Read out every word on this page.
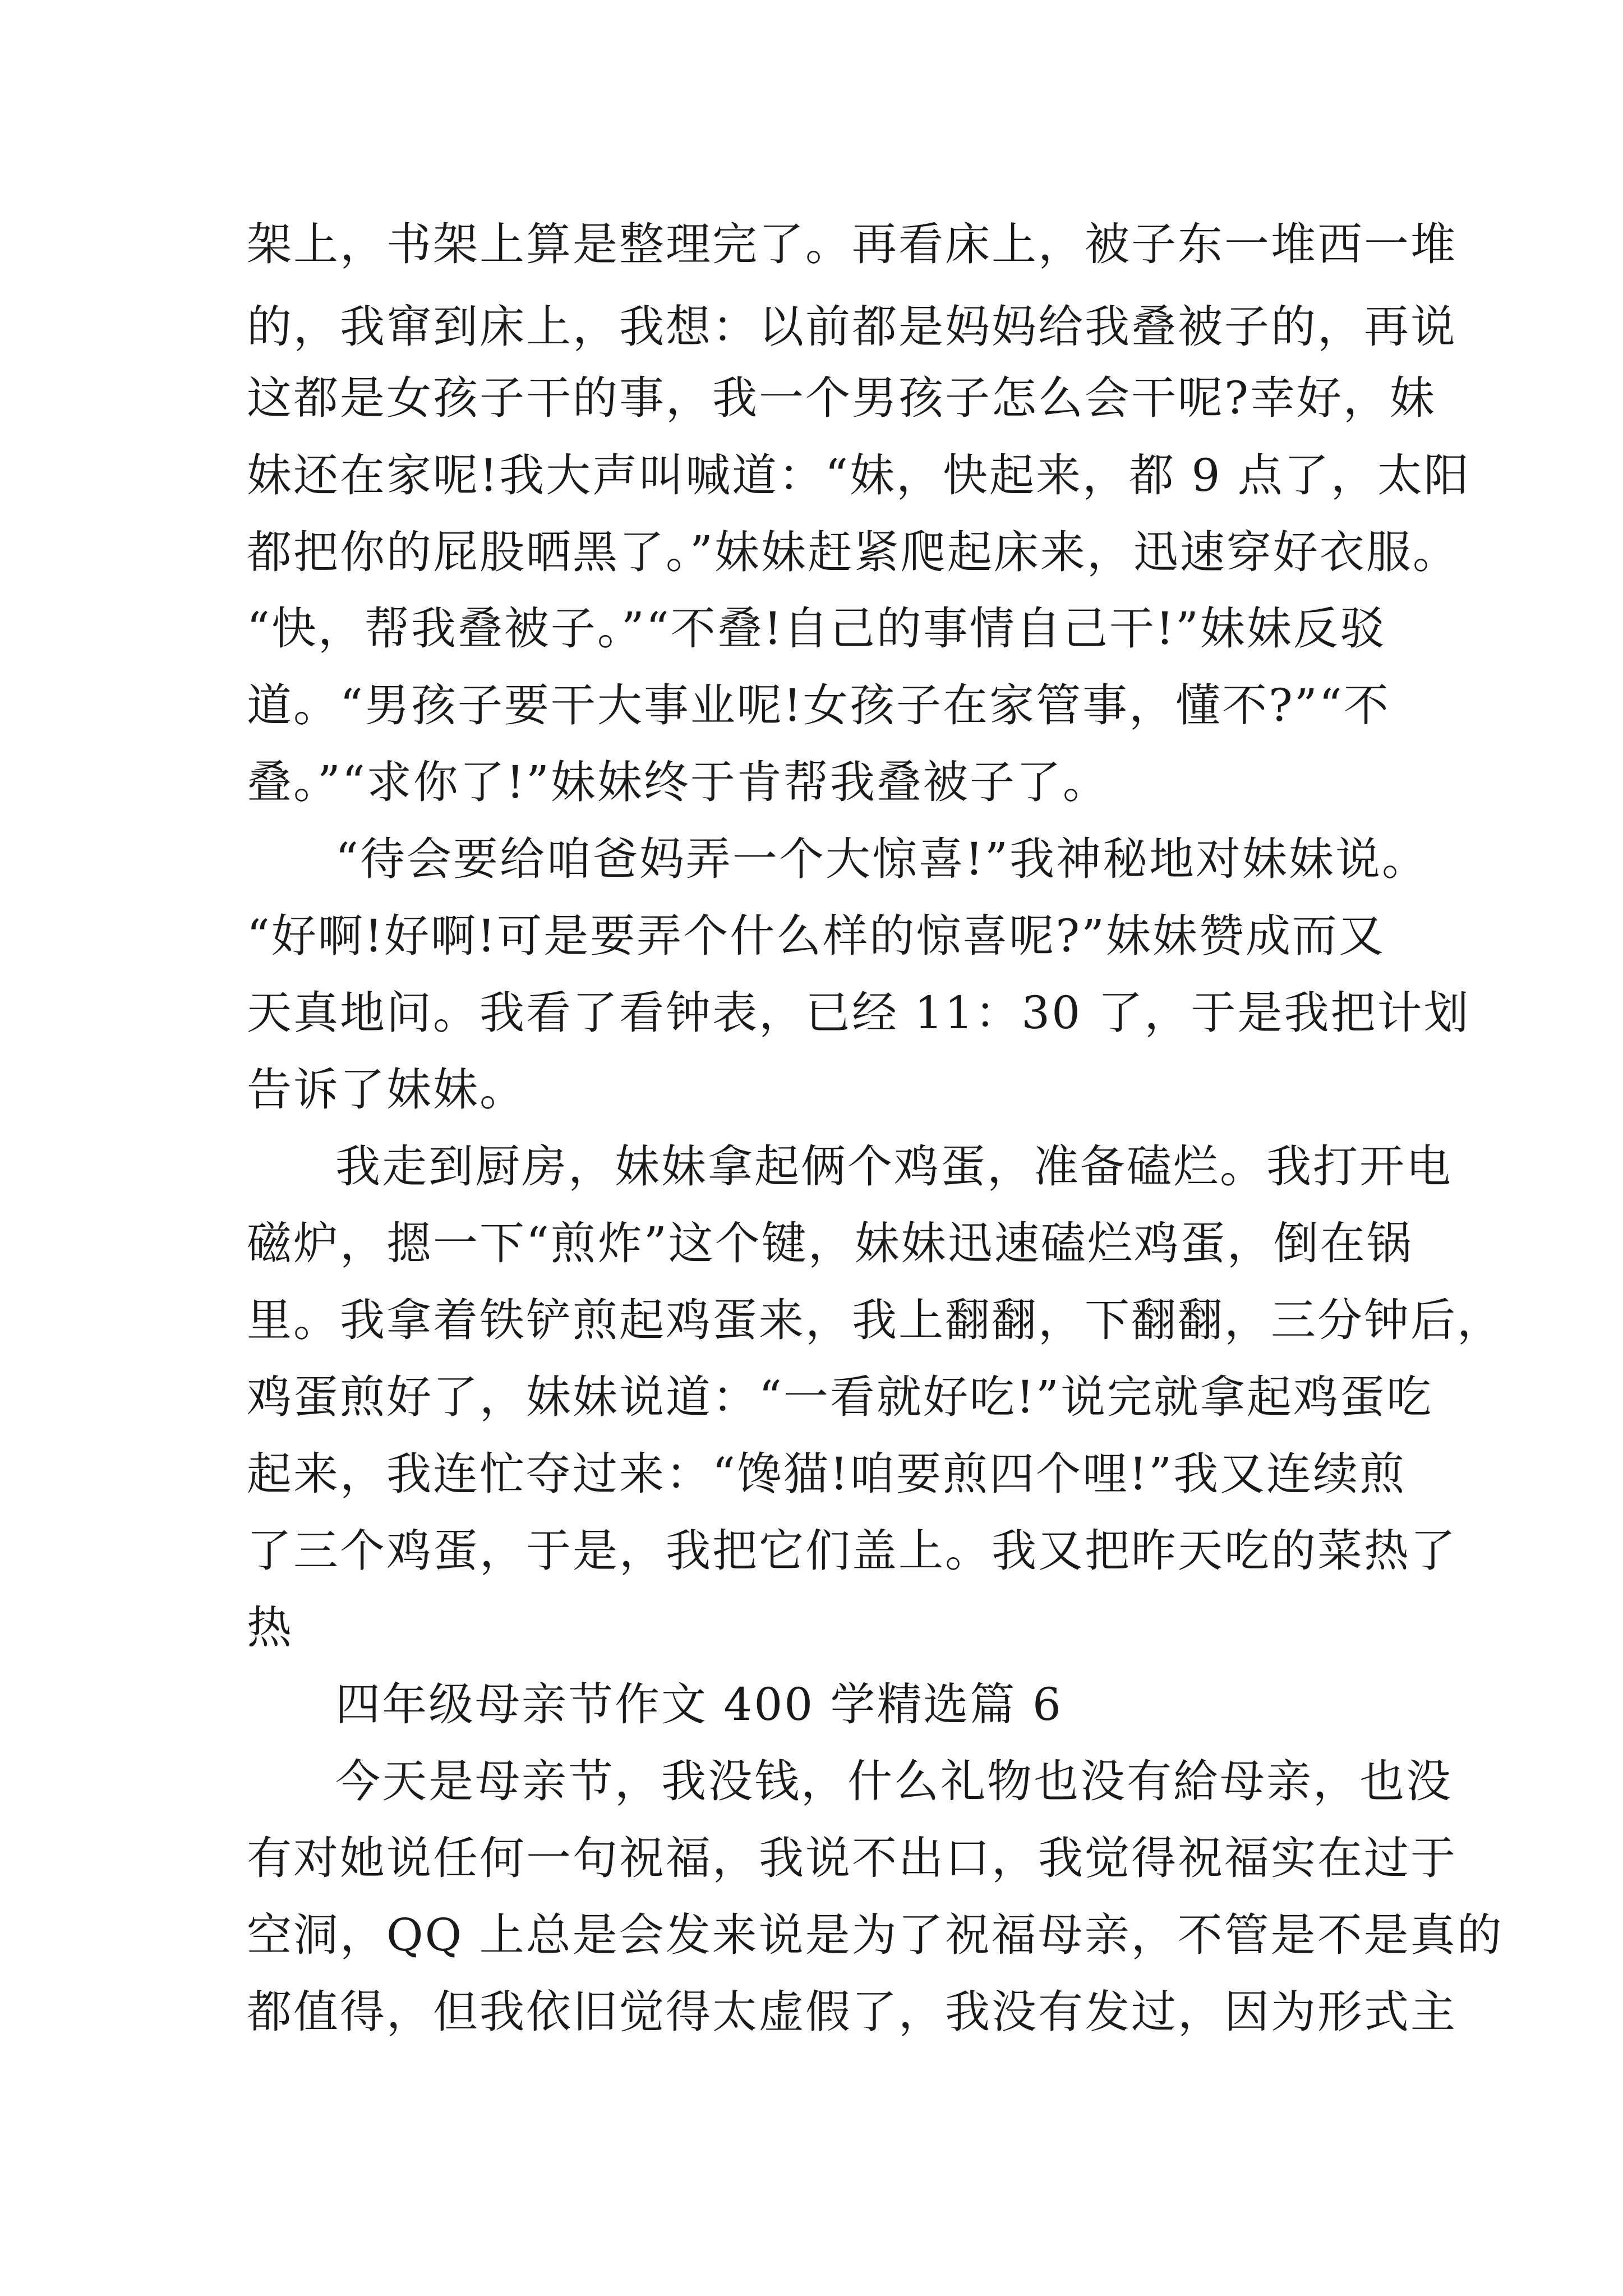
架上，书架上算是整理完了。再看床上，被子东一堆西一堆
的，我窜到床上，我想：以前都是妈妈给我叠被子的，再说
这都是女孩子干的事，我一个男孩子怎么会干呢?幸好，妹
妹还在家呢!我大声叫喊道：“妹，快起来，都 9 点了，太阳
都把你的屁股晒黑了。”妹妹赶紧爬起床来，迅速穿好衣服。
“快，帮我叠被子。”“不叠!自己的事情自己干!”妹妹反驳
道。“男孩子要干大事业呢!女孩子在家管事，懂不?”“不
叠。”“求你了!”妹妹终于肯帮我叠被子了。
“待会要给咱爸妈弄一个大惊喜!”我神秘地对妹妹说。
“好啊!好啊!可是要弄个什么样的惊喜呢?”妹妹赞成而又
天真地问。我看了看钟表，已经 11：30 了，于是我把计划
告诉了妹妹。
我走到厨房，妹妹拿起俩个鸡蛋，准备磕烂。我打开电
磁炉，摁一下“煎炸”这个键，妹妹迅速磕烂鸡蛋，倒在锅
里。我拿着铁铲煎起鸡蛋来，我上翻翻，下翻翻，三分钟后，
鸡蛋煎好了，妹妹说道：“一看就好吃!”说完就拿起鸡蛋吃
起来，我连忙夺过来：“馋猫!咱要煎四个哩!”我又连续煎
了三个鸡蛋，于是，我把它们盖上。我又把昨天吃的菜热了
热
四年级母亲节作文 400 学精选篇 6
今天是母亲节，我没钱，什么礼物也没有給母亲，也没
有对她说任何一句祝福，我说不出口，我觉得祝福实在过于
空洞，QQ 上总是会发来说是为了祝福母亲，不管是不是真的
都值得，但我依旧觉得太虚假了，我没有发过，因为形式主
